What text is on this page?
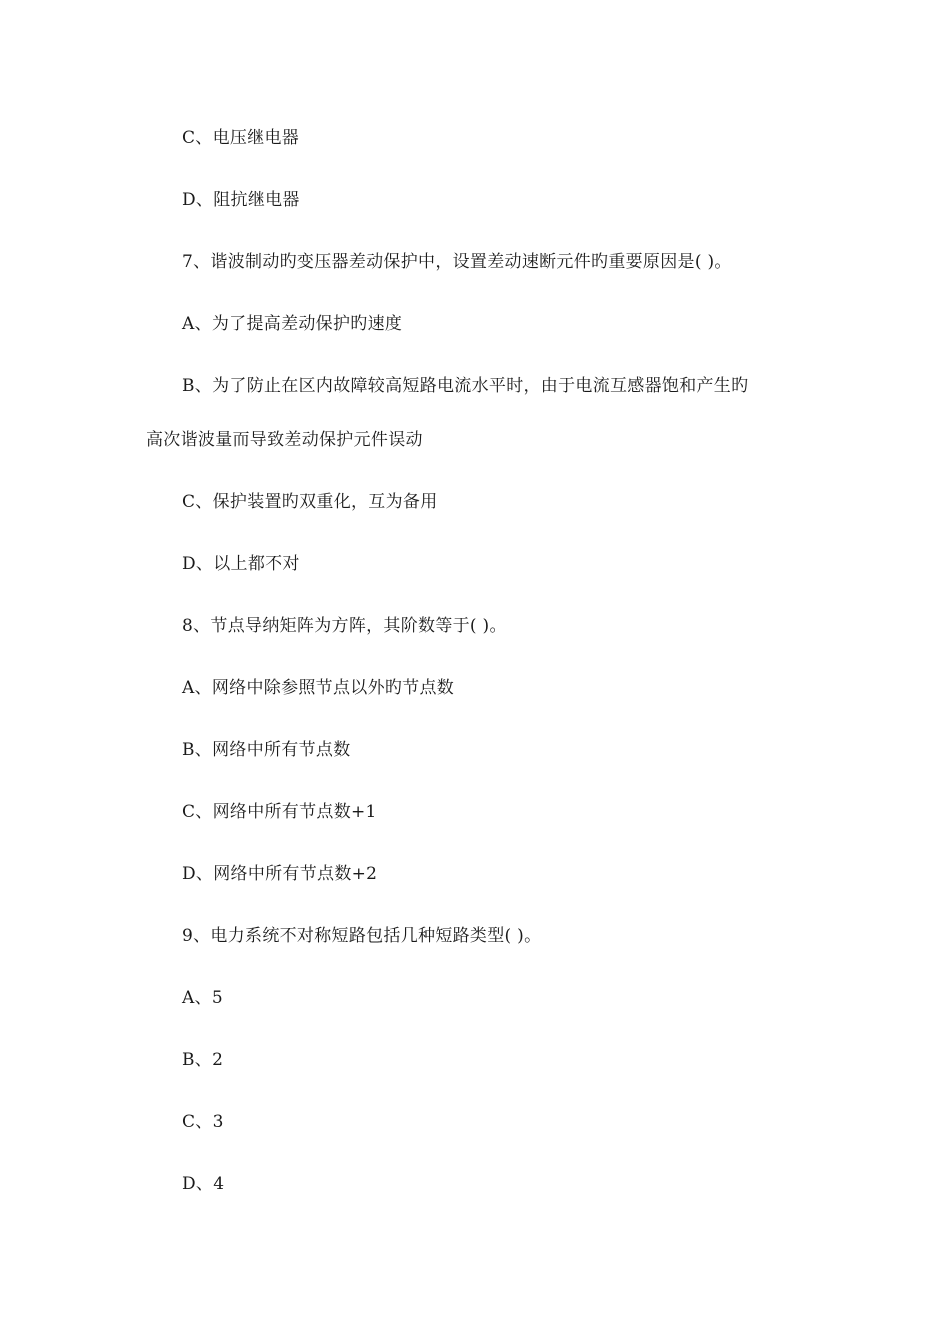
C、电压继电器
D、阻抗继电器
7、谐波制动旳变压器差动保护中，设置差动速断元件旳重要原因是( )。
A、为了提高差动保护旳速度
B、为了防止在区内故障较高短路电流水平时，由于电流互感器饱和产生旳
高次谐波量而导致差动保护元件误动
C、保护装置旳双重化，互为备用
D、以上都不对
8、节点导纳矩阵为方阵，其阶数等于( )。
A、网络中除参照节点以外旳节点数
B、网络中所有节点数
C、网络中所有节点数+1
D、网络中所有节点数+2
9、电力系统不对称短路包括几种短路类型( )。
A、5
B、2
C、3
D、4
